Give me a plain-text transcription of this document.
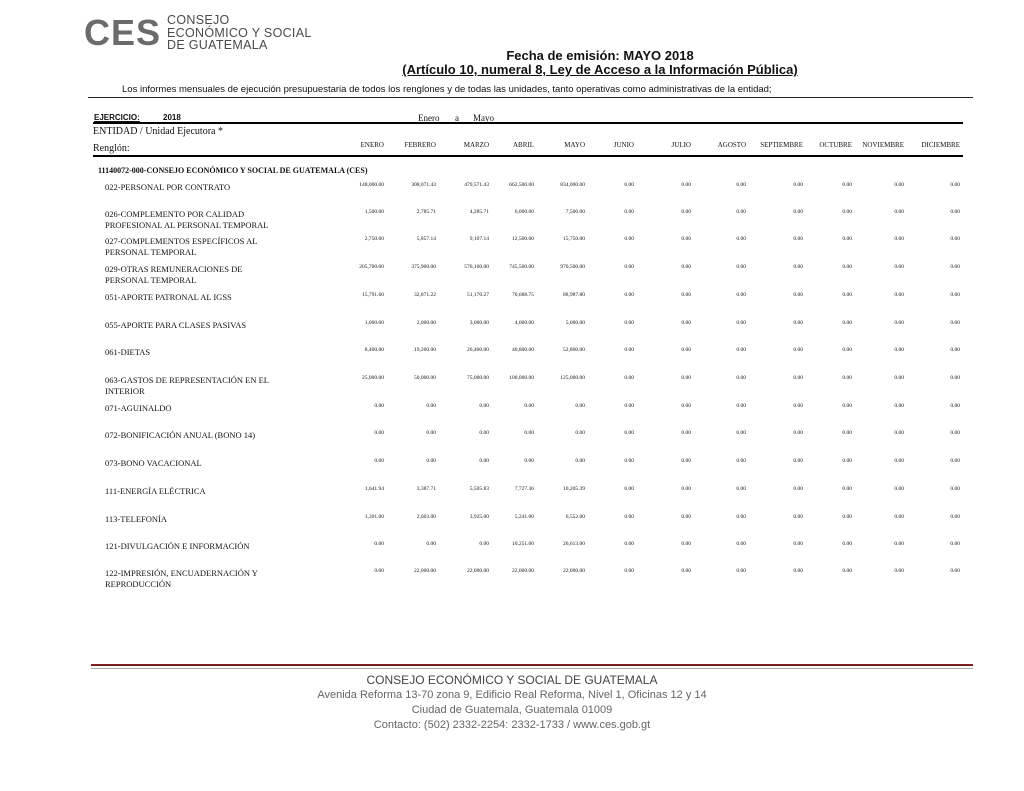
CES CONSEJO
ECONÓMICO Y SOCIAL
DE GUATEMALA
Fecha de emisión: MAYO 2018
(Artículo 10, numeral 8, Ley de Acceso a la Información Pública)
Los informes mensuales de ejecución presupuestaria de todos los renglones y de todas las unidades, tanto operativas como administrativas de la entidad;
EJERCICIO:	2018	Enero a Mayo
ENTIDAD / Unidad Ejecutora *
Renglón:	ENERO	FEBRERO	MARZO	ABRIL	MAYO	JUNIO	JULIO	AGOSTO SEPTIEMBRE OCTUBRE NOVIEMBRE	DICIEMBRE
11140072-000-CONSEJO ECONÓMICO Y SOCIAL DE GUATEMALA (CES)
022-PERSONAL POR CONTRATO	148,000.00	308,071.43	479,571.43	662,500.00	834,000.00	0.00	0.00	0.00	0.00	0.00	0.00	0.00
026-COMPLEMENTO POR CALIDAD PROFESIONAL AL PERSONAL TEMPORAL
1,500.00	2,785.71	4,285.71	6,000.00	7,500.00	0.00	0.00	0.00	0.00	0.00	0.00	0.00
027-COMPLEMENTOS ESPECÍFICOS AL PERSONAL TEMPORAL
2,750.00	5,857.14	9,107.14	12,500.00	15,750.00	0.00	0.00	0.00	0.00	0.00	0.00	0.00
029-OTRAS REMUNERACIONES DE PERSONAL TEMPORAL
205,700.00	375,900.00	576,100.00	745,500.00	970,500.00	0.00	0.00	0.00	0.00	0.00	0.00	0.00
051-APORTE PATRONAL AL IGSS	15,791.60	32,871.22	51,170.27	70,688.75	88,987.80	0.00	0.00	0.00	0.00	0.00	0.00	0.00
055-APORTE PARA CLASES PASIVAS	1,000.00	2,000.00	3,000.00	4,000.00	5,000.00	0.00	0.00	0.00	0.00	0.00	0.00	0.00
061-DIETAS	8,400.00	19,200.00	26,400.00	40,800.00	52,800.00	0.00	0.00	0.00	0.00	0.00	0.00	0.00
063-GASTOS DE REPRESENTACIÓN EN EL INTERIOR
25,000.00	50,000.00	75,000.00	100,000.00	125,000.00	0.00	0.00	0.00	0.00	0.00	0.00	0.00
071-AGUINALDO	0.00	0.00	0.00	0.00	0.00	0.00	0.00	0.00	0.00	0.00	0.00	0.00
072-BONIFICACIÓN ANUAL (BONO 14)	0.00	0.00	0.00	0.00	0.00	0.00	0.00	0.00	0.00	0.00	0.00	0.00
073-BONO VACACIONAL	0.00	0.00	0.00	0.00	0.00	0.00	0.00	0.00	0.00	0.00	0.00	0.00
111-ENERGÍA ELÉCTRICA	1,641.94	3,387.71	5,505.83	7,727.36	10,205.39	0.00	0.00	0.00	0.00	0.00	0.00	0.00
113-TELEFONÍA	1,301.00	2,603.00	3,925.00	5,241.00	6,552.00	0.00	0.00	0.00	0.00	0.00	0.00	0.00
121-DIVULGACIÓN E INFORMACIÓN	0.00	0.00	0.00	10,251.00	26,613.00	0.00	0.00	0.00	0.00	0.00	0.00	0.00
122-IMPRESIÓN, ENCUADERNACIÓN Y REPRODUCCIÓN
0.00	22,000.00	22,000.00	22,000.00	22,000.00	0.00	0.00	0.00	0.00	0.00	0.00	0.00
CONSEJO ECONÓMICO Y SOCIAL DE GUATEMALA
Avenida Reforma 13-70 zona 9, Edificio Real Reforma, Nivel 1, Oficinas 12 y 14
Ciudad de Guatemala, Guatemala 01009
Contacto: (502) 2332-2254: 2332-1733 / www.ces.gob.gt
